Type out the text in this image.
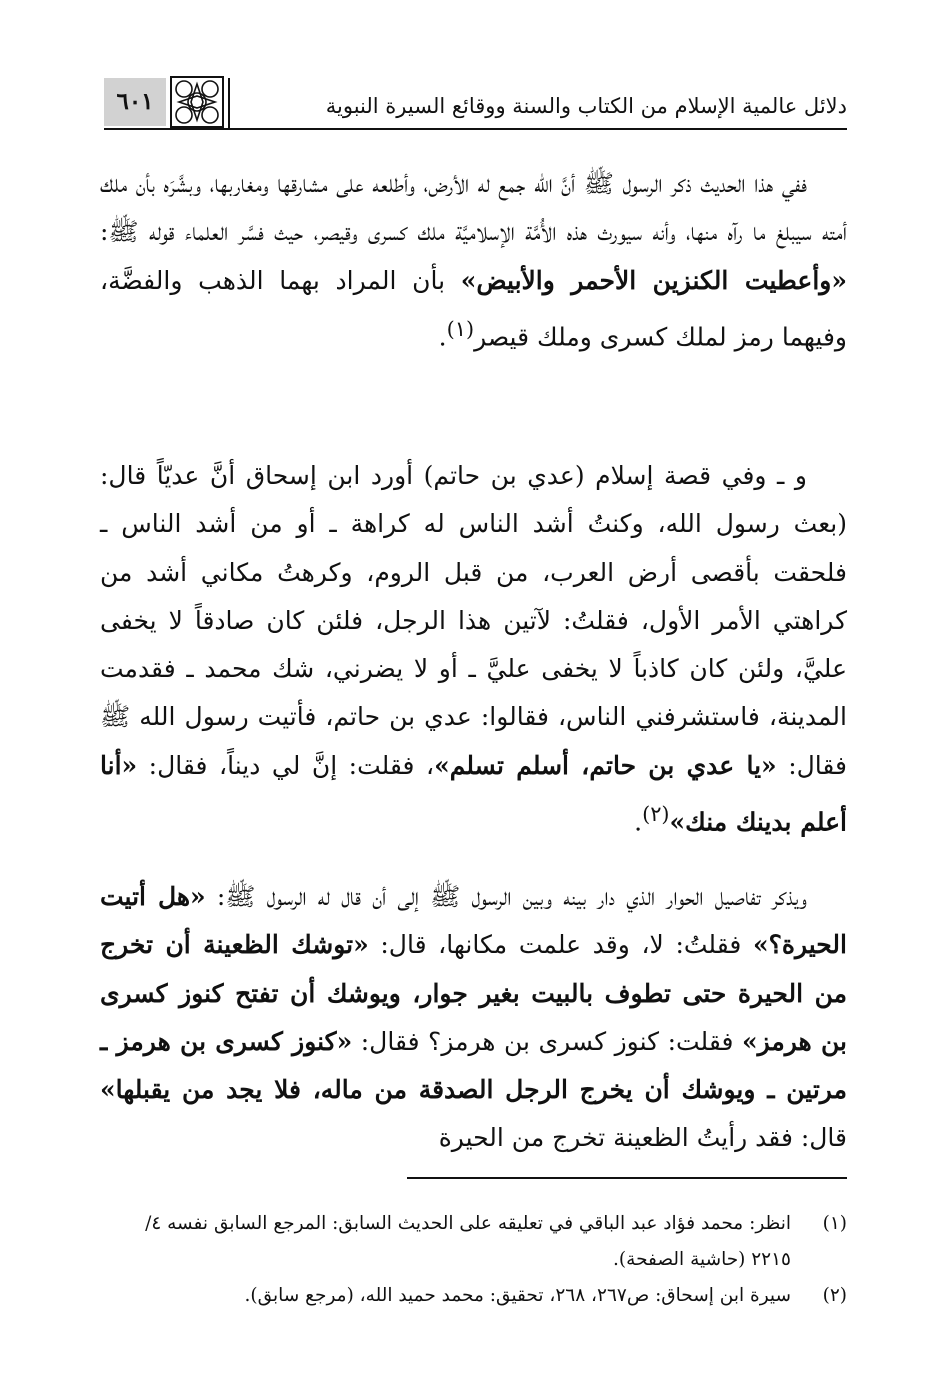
دلائل عالمية الإسلام من الكتاب والسنة ووقائع السيرة النبوية
٦٠١
ففي هذا الحديث ذكر الرسول ﷺ أنَّ الله جمع له الأرض، وأطلعه على مشارقها ومغاربها، وبشَّرَه بأن ملك أمته سيبلغ ما رآه منها، وأنه سيورث هذه الأُمَّة الإسلاميَّة ملك كسرى وقيصر، حيث فسَّر العلماء قوله ﷺ: «وأعطيت الكنزين الأحمر والأبيض» بأن المراد بهما الذهب والفضَّة، وفيهما رمز لملك كسرى وملك قيصر$^{(١)}$.
و ـ وفي قصة إسلام (عدي بن حاتم) أورد ابن إسحاق أنَّ عديّاً قال: (بعث رسول الله، وكنتُ أشد الناس له كراهة ـ أو من أشد الناس ـ فلحقت بأقصى أرض العرب، من قبل الروم، وكرهتُ مكاني أشد من كراهتي الأمر الأول، فقلتُ: لآتين هذا الرجل، فلئن كان صادقاً لا يخفى عليَّ، ولئن كان كاذباً لا يخفى عليَّ ـ أو لا يضرني، شك محمد ـ فقدمت المدينة، فاستشرفني الناس، فقالوا: عدي بن حاتم، فأتيت رسول الله ﷺ فقال: «يا عدي بن حاتم، أسلم تسلم»، فقلت: إنَّ لي ديناً، فقال: «أنا أعلم بدينك منك»$^{(٢)}$.
ويذكر تفاصيل الحوار الذي دار بينه وبين الرسول ﷺ إلى أن قال له الرسول ﷺ: «هل أتيت الحيرة؟» فقلتُ: لا، وقد علمت مكانها، قال: «توشك الظعينة أن تخرج من الحيرة حتى تطوف بالبيت بغير جوار، ويوشك أن تفتح كنوز كسرى بن هرمز» فقلت: كنوز كسرى بن هرمز؟ فقال: «كنوز كسرى بن هرمز ـ مرتين ـ ويوشك أن يخرج الرجل الصدقة من ماله، فلا يجد من يقبلها» قال: فقد رأيتُ الظعينة تخرج من الحيرة
(١)
انظر: محمد فؤاد عبد الباقي في تعليقه على الحديث السابق: المرجع السابق نفسه ٤/ ٢٢١٥ (حاشية الصفحة).
(٢)
سيرة ابن إسحاق: ص٢٦٧، ٢٦٨، تحقيق: محمد حميد الله، (مرجع سابق).
